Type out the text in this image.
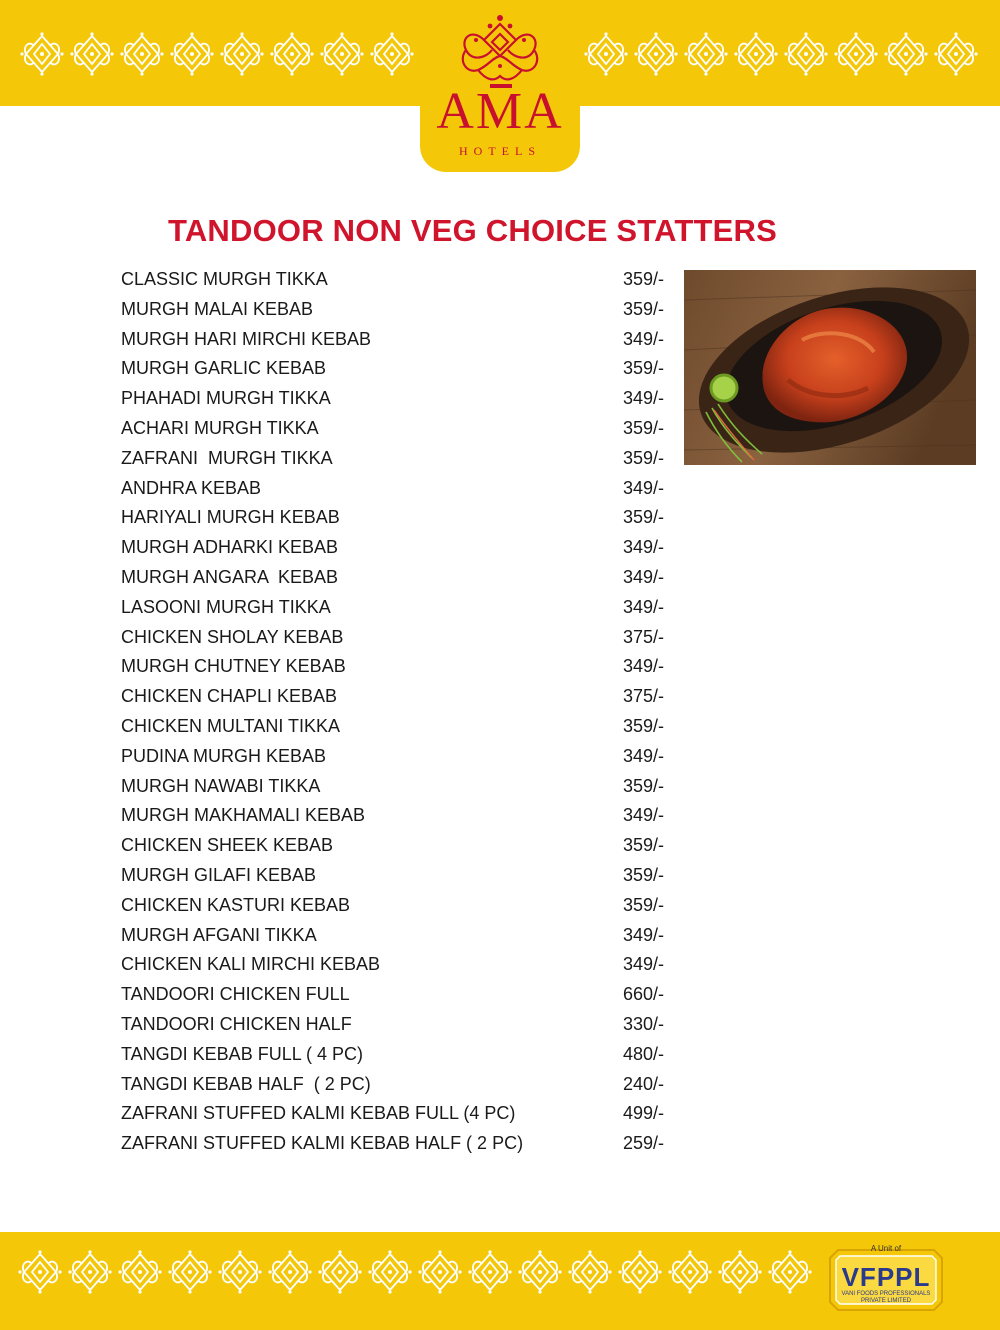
AMA
HOTELS
TANDOOR NON VEG CHOICE STATTERS
CLASSIC MURGH TIKKA	359/-
MURGH MALAI KEBAB	359/-
MURGH HARI MIRCHI KEBAB	349/-
MURGH GARLIC KEBAB	359/-
PHAHADI MURGH TIKKA	349/-
ACHARI MURGH TIKKA	359/-
ZAFRANI  MURGH TIKKA	359/-
ANDHRA KEBAB	349/-
HARIYALI MURGH KEBAB	359/-
MURGH ADHARKI KEBAB	349/-
MURGH ANGARA  KEBAB	349/-
LASOONI MURGH TIKKA	349/-
CHICKEN SHOLAY KEBAB	375/-
MURGH CHUTNEY KEBAB	349/-
CHICKEN CHAPLI KEBAB	375/-
CHICKEN MULTANI TIKKA	359/-
PUDINA MURGH KEBAB	349/-
MURGH NAWABI TIKKA	359/-
MURGH MAKHAMALI KEBAB	349/-
CHICKEN SHEEK KEBAB	359/-
MURGH GILAFI KEBAB	359/-
CHICKEN KASTURI KEBAB	359/-
MURGH AFGANI TIKKA	349/-
CHICKEN KALI MIRCHI KEBAB	349/-
TANDOORI CHICKEN FULL	660/-
TANDOORI CHICKEN HALF	330/-
TANGDI KEBAB FULL ( 4 PC)	480/-
TANGDI KEBAB HALF  ( 2 PC)	240/-
ZAFRANI STUFFED KALMI KEBAB FULL (4 PC)	499/-
ZAFRANI STUFFED KALMI KEBAB HALF ( 2 PC)	259/-
A Unit of
VFPPL
VANI FOODS PROFESSIONALS
PRIVATE LIMITED
